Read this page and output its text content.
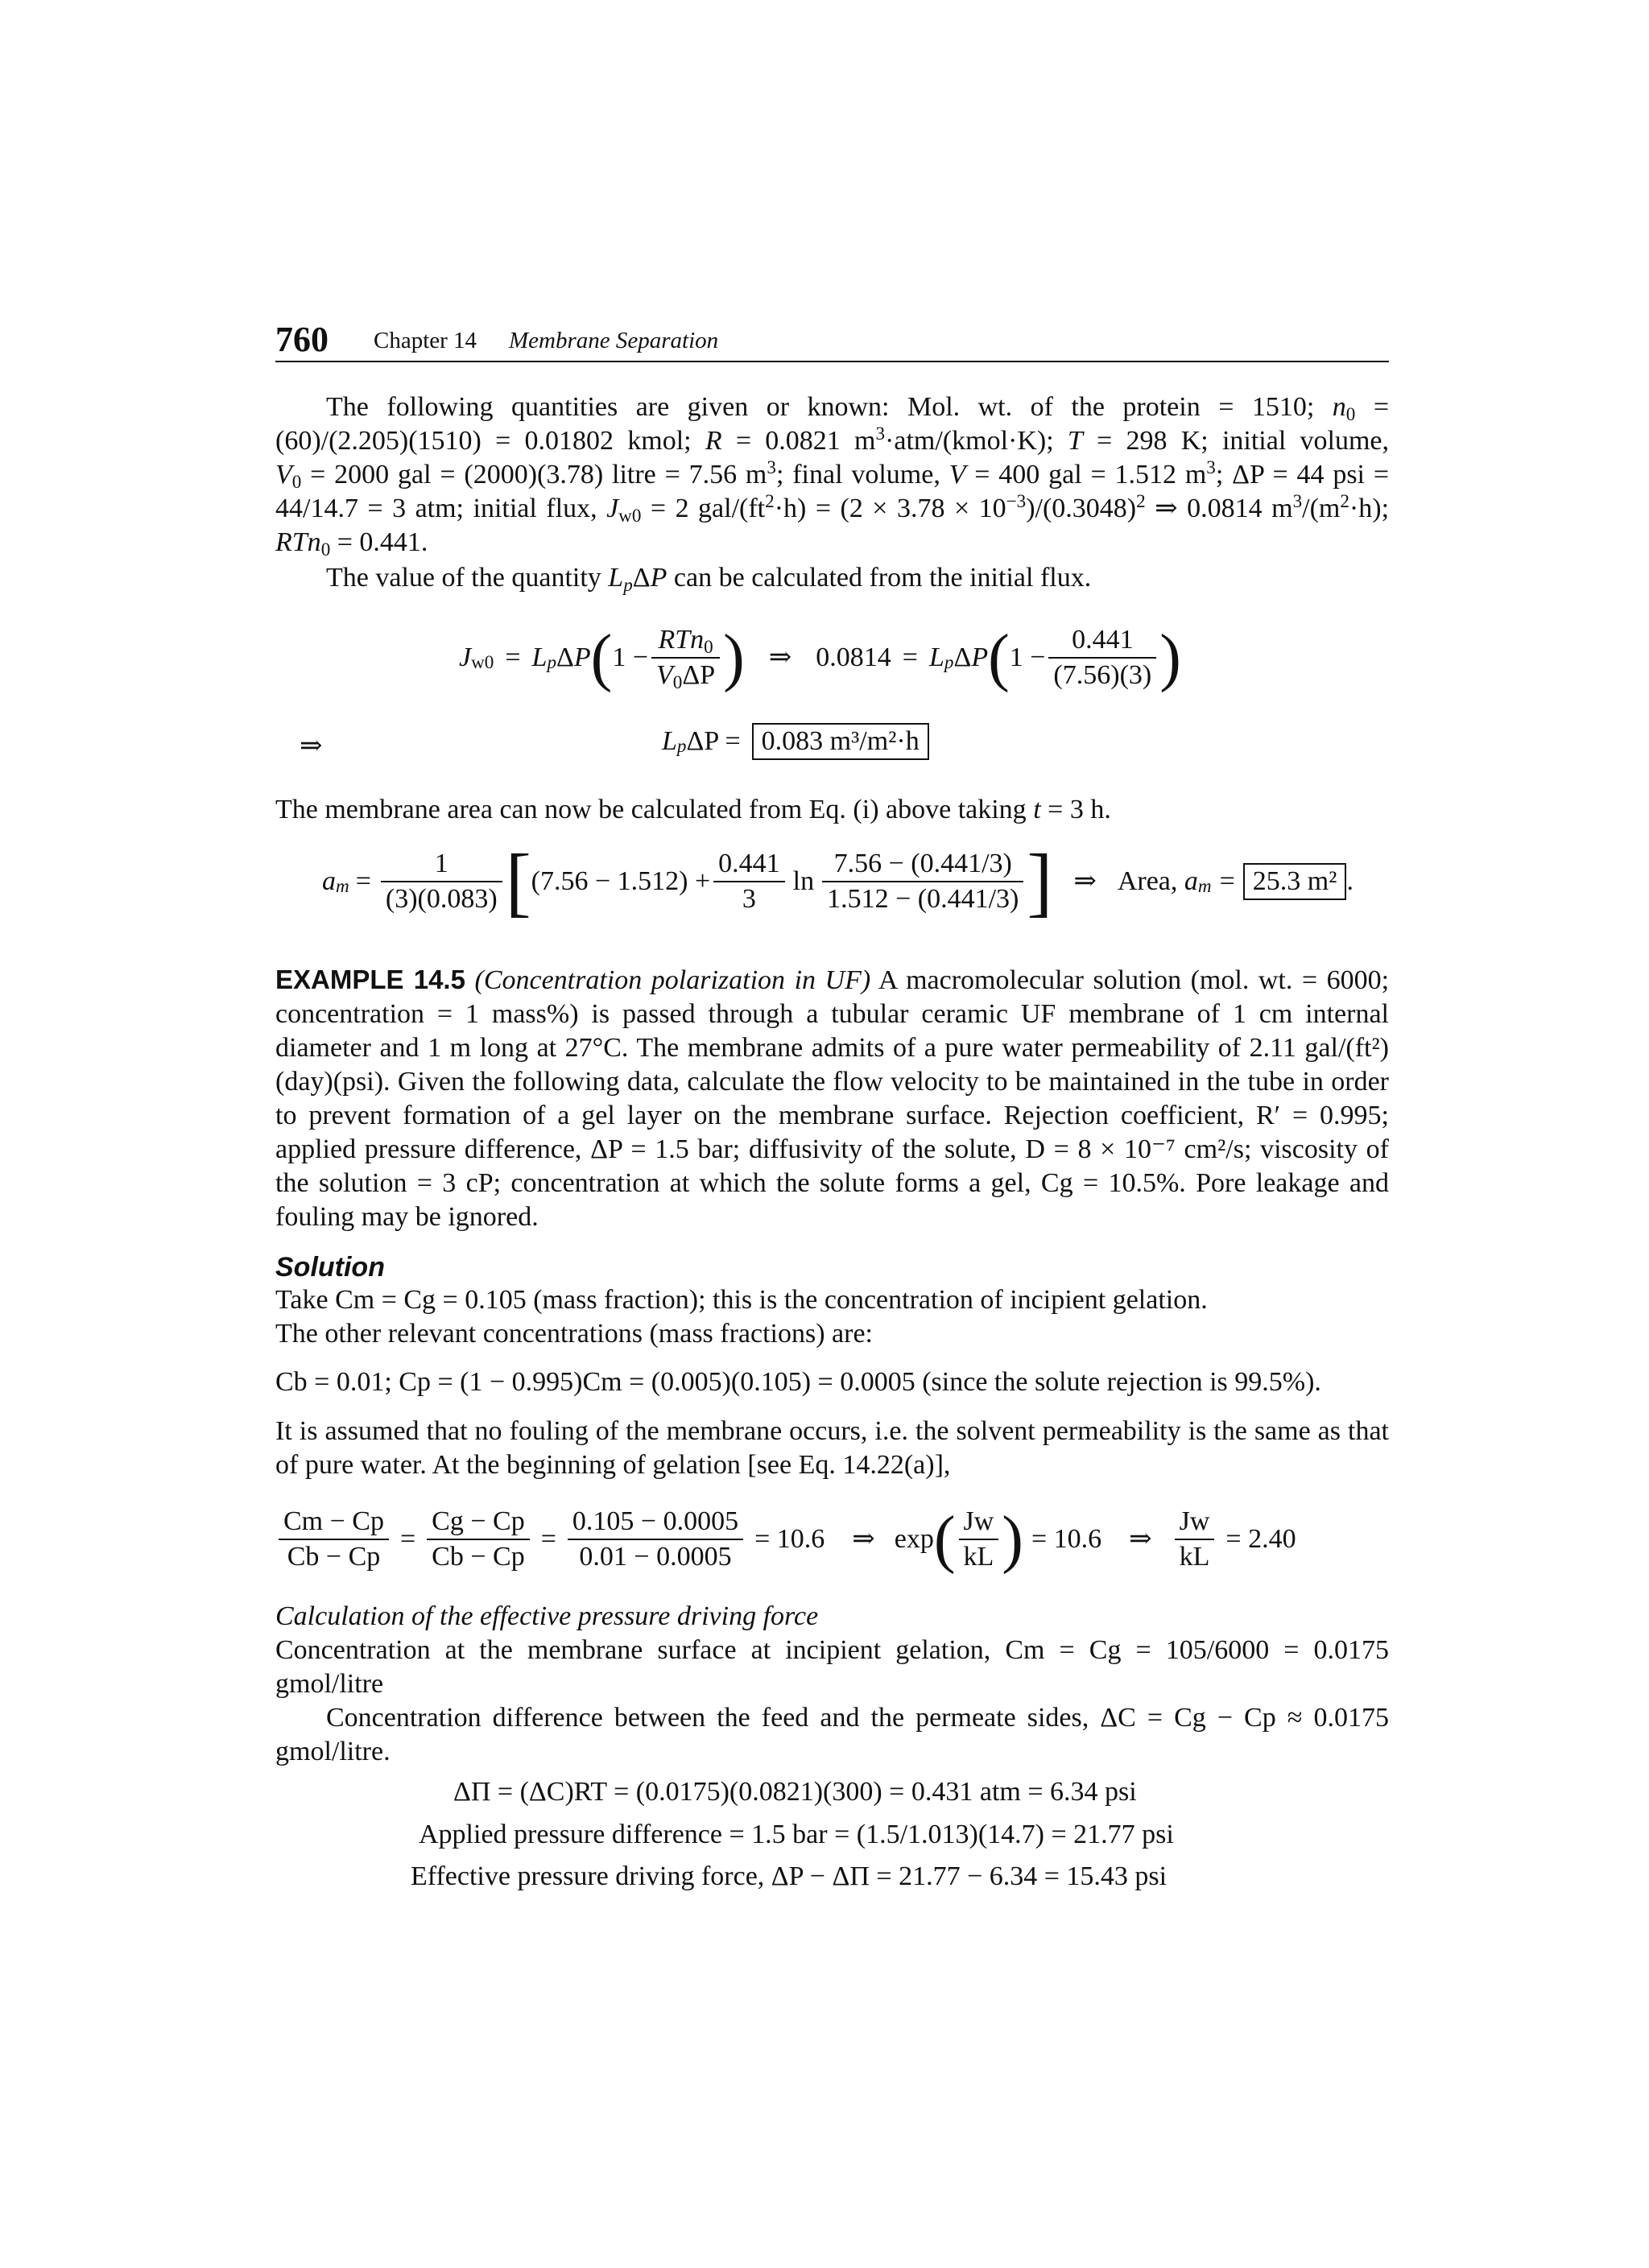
760 Chapter 14 Membrane Separation
The following quantities are given or known: Mol. wt. of the protein = 1510; $n_0$ =
(60)/(2.205)(1510) = 0.01802 kmol; R = 0.0821 $m^3\cdot atm/(kmol\cdot K)$; T = 298 K; initial volume,
$V_0 = 2000$ gal = (2000)(3.78) litre = 7.56 $m^3$; final volume, V = 400 gal = 1.512 $m^3$; ΔP = 44 psi =
44/14.7 = 3 atm; initial flux, $J_{w0} = 2$ gal/$(ft^2\cdot h) = (2 \times 3.78 \times 10^{-3})/(0.3048)^2$ ⇒ 0.0814 $m^3/(m^2\cdot h)$;
RTn$_0$ = 0.441.
The value of the quantity $L_p\Delta P$ can be calculated from the initial flux.
$J_{w0} = L$ $_p$ Δ P ( $1 - \frac{RTn_0}{V_0\Delta P}$ ) ⇒ 0.0814 = L $_p$ Δ P ( $1 - \frac{0.441}{(7.56)(3)}$ )
⇒	L $_p$ ΔP = 0.083 m³/m²·h
The membrane area can now be calculated from Eq. (i) above taking t = 3 h.
a $_m = \frac{1}{(3)(0.083)}$ [ $(7.56 - 1.512) + \frac{0.441}{3}$ $\ln \frac{7.56 - (0.441/3)}{1.512 - (0.441/3)}$ ] ⇒ Area,
a $_m$ = 25.3 m² .
EXAMPLE 14.5 (Concentration polarization in UF) A macromolecular solution (mol. wt. = 6000; concentration = 1 mass%) is passed through a tubular ceramic UF membrane of 1 cm internal diameter and 1 m long at 27°C. The membrane admits of a pure water permeability of 2.11 gal/(ft²)(day)(psi). Given the following data, calculate the flow velocity to be maintained in the tube in order to prevent formation of a gel layer on the membrane surface. Rejection coefficient, R′ = 0.995; applied pressure difference, ΔP = 1.5 bar; diffusivity of the solute, D = 8 × 10⁻⁷ cm²/s; viscosity of the solution = 3 cP; concentration at which the solute forms a gel, Cg = 10.5%. Pore leakage and fouling may be ignored.
Solution
Take Cm = Cg = 0.105 (mass fraction); this is the concentration of incipient gelation.
The other relevant concentrations (mass fractions) are:
Cb = 0.01; Cp = (1 − 0.995)Cm = (0.005)(0.105) = 0.0005 (since the solute rejection is 99.5%).
It is assumed that no fouling of the membrane occurs, i.e. the solvent permeability is the same as that of pure water. At the beginning of gelation [see Eq. 14.22(a)],
$\frac{Cm - Cp}{Cb - Cp} = \frac{Cg - Cp}{Cb - Cp} = \frac{0.105 - 0.0005}{0.01 - 0.0005} = 10.6$ ⇒ exp ( $\frac{Jw}{kL}$ ) = 10.6 ⇒ $\frac{Jw}{kL} = 2.40$
Calculation of the effective pressure driving force
Concentration at the membrane surface at incipient gelation, Cm = Cg = 105/6000 = 0.0175 gmol/litre
Concentration difference between the feed and the permeate sides, ΔC = Cg − Cp ≈ 0.0175 gmol/litre.
ΔΠ = (ΔC)RT = (0.0175)(0.0821)(300) = 0.431 atm = 6.34 psi
Applied pressure difference = 1.5 bar = (1.5/1.013)(14.7) = 21.77 psi
Effective pressure driving force, ΔP − ΔΠ = 21.77 − 6.34 = 15.43 psi
